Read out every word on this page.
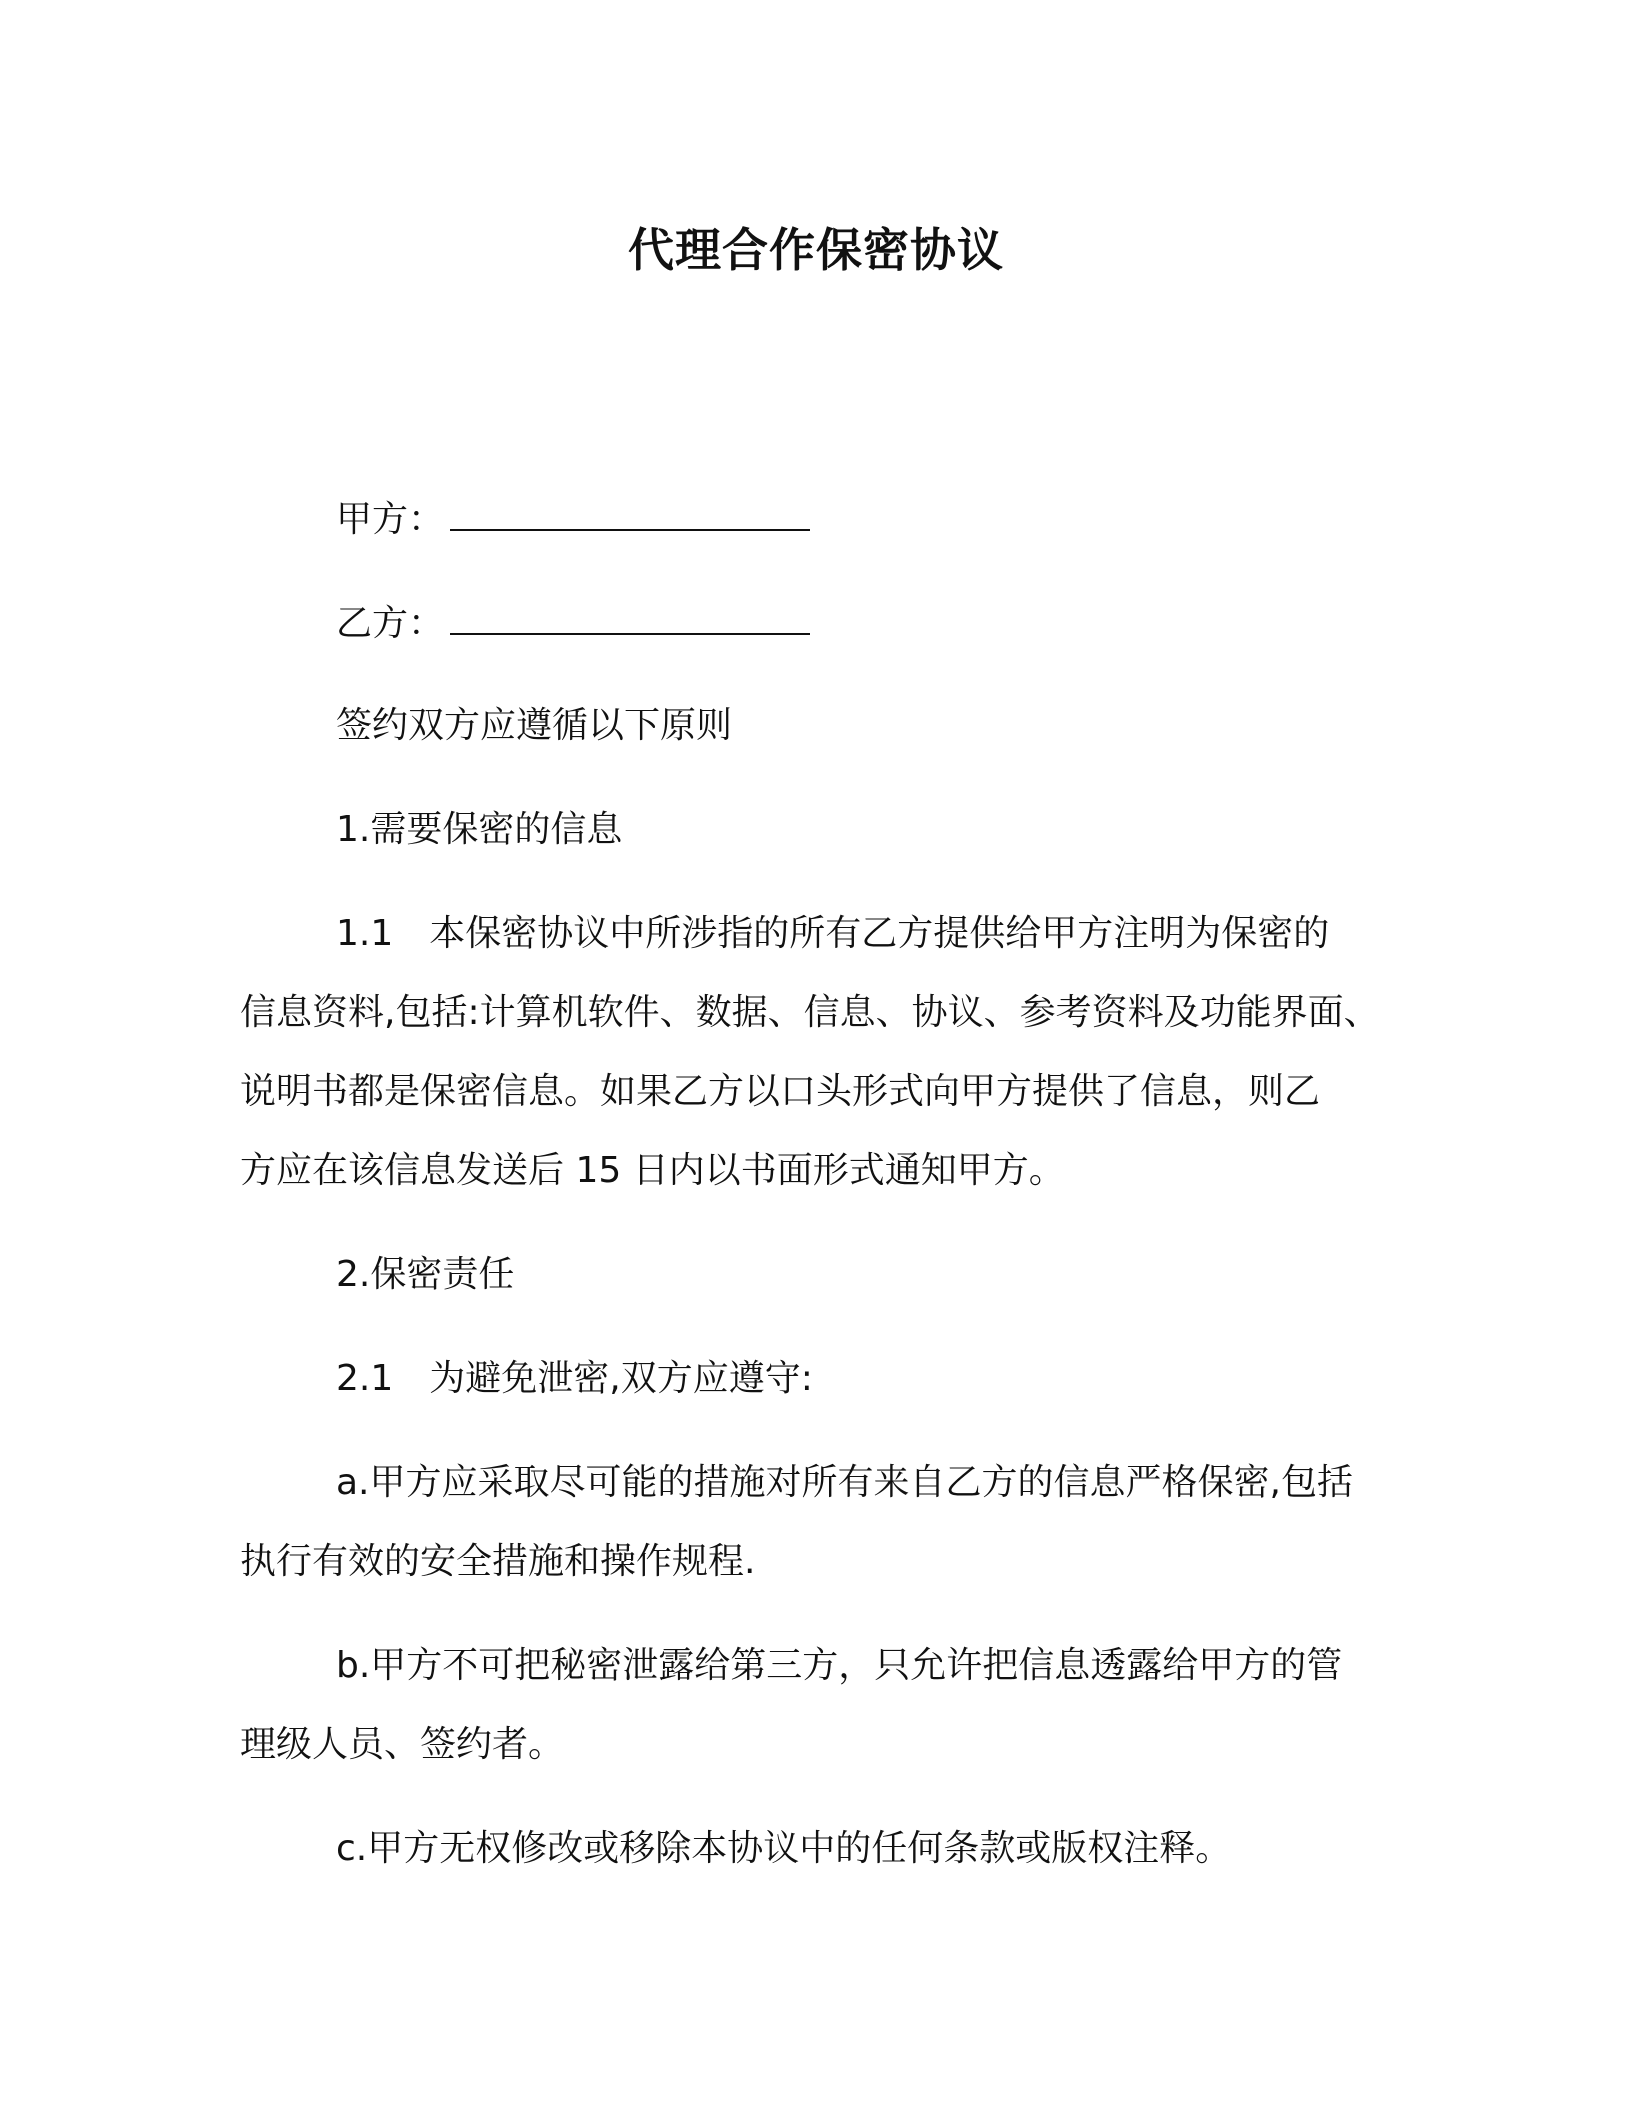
代理合作保密协议
甲方：
乙方：
签约双方应遵循以下原则
1.需要保密的信息
1.1 本保密协议中所涉指的所有乙方提供给甲方注明为保密的
信息资料,包括:计算机软件、数据、信息、协议、参考资料及功能界面、
说明书都是保密信息。如果乙方以口头形式向甲方提供了信息，则乙
方应在该信息发送后 15 日内以书面形式通知甲方。
2.保密责任
2.1 为避免泄密,双方应遵守:
a.甲方应采取尽可能的措施对所有来自乙方的信息严格保密,包括
执行有效的安全措施和操作规程.
b.甲方不可把秘密泄露给第三方，只允许把信息透露给甲方的管
理级人员、签约者。
c.甲方无权修改或移除本协议中的任何条款或版权注释。
